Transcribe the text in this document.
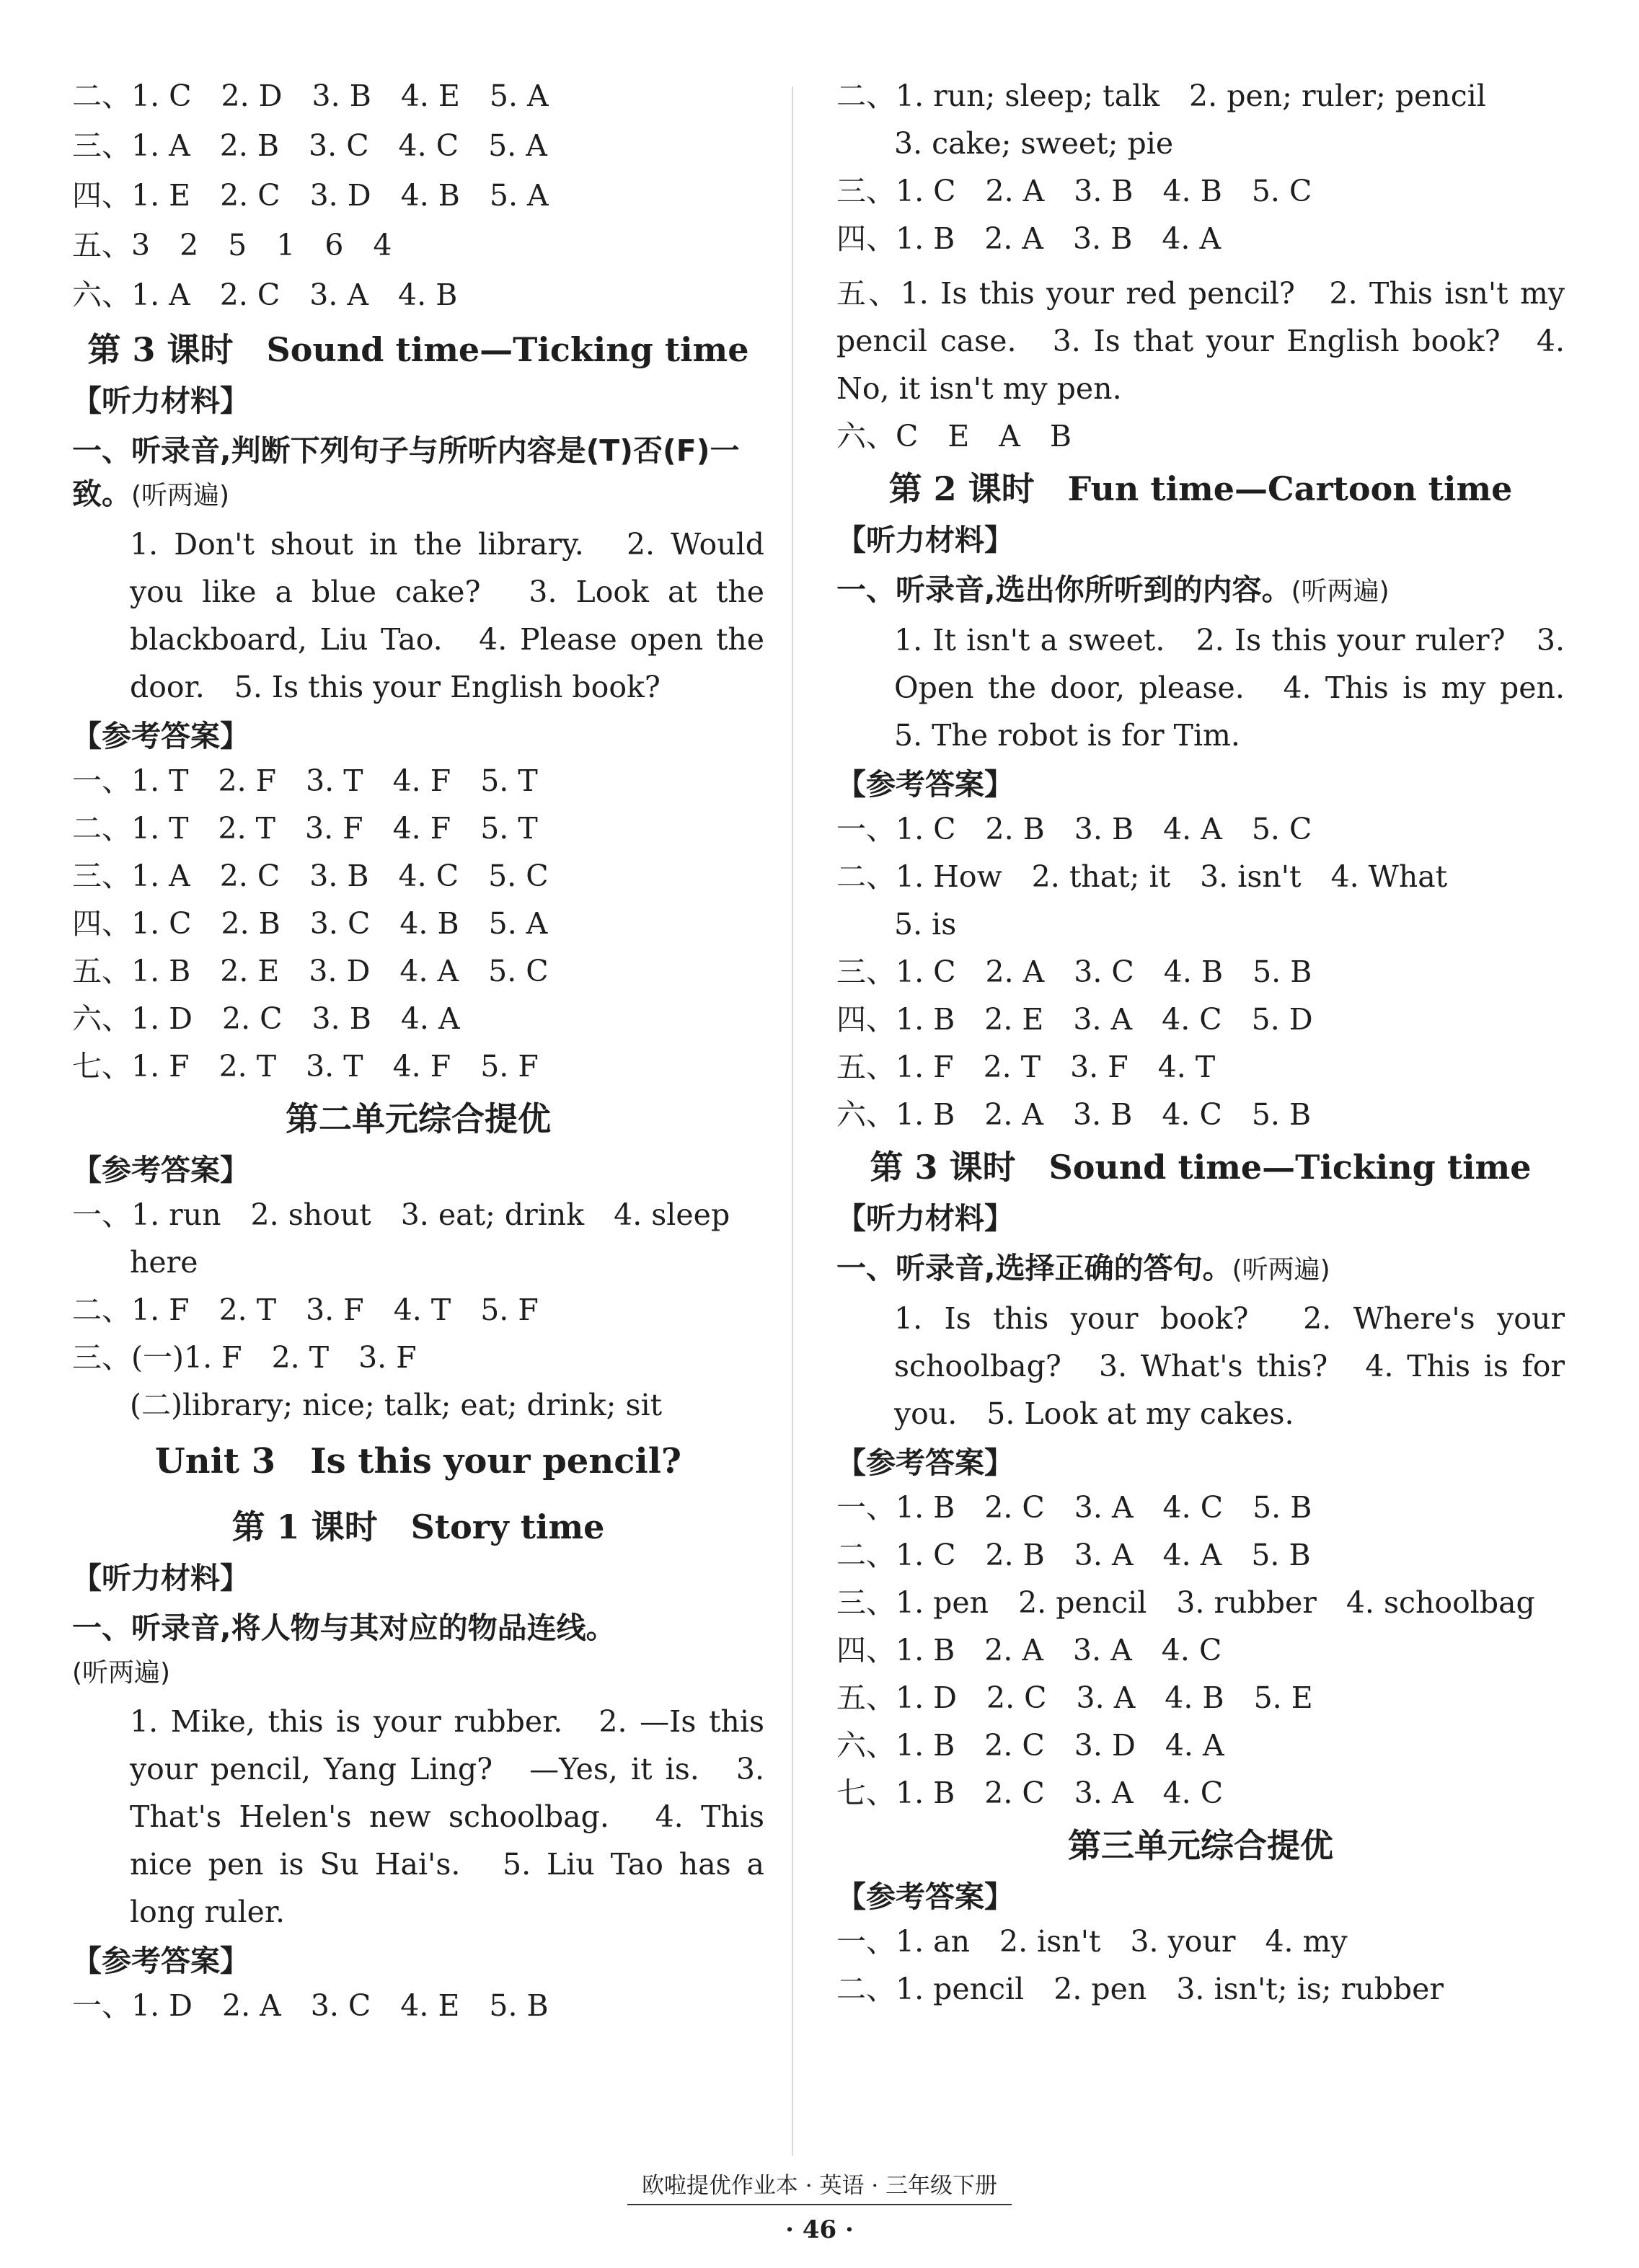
二、1. C　2. D　3. B　4. E　5. A
三、1. A　2. B　3. C　4. C　5. A
四、1. E　2. C　3. D　4. B　5. A
五、3　2　5　1　6　4
六、1. A　2. C　3. A　4. B
第 3 课时　Sound time—Ticking time
【听力材料】
一、听录音,判断下列句子与所听内容是(T)否(F)一致。(听两遍)
1. Don't shout in the library.　2. Would you like a blue cake?　3. Look at the blackboard, Liu Tao.　4. Please open the door.　5. Is this your English book?
【参考答案】
一、1. T　2. F　3. T　4. F　5. T
二、1. T　2. T　3. F　4. F　5. T
三、1. A　2. C　3. B　4. C　5. C
四、1. C　2. B　3. C　4. B　5. A
五、1. B　2. E　3. D　4. A　5. C
六、1. D　2. C　3. B　4. A
七、1. F　2. T　3. T　4. F　5. F
第二单元综合提优
【参考答案】
一、1. run　2. shout　3. eat; drink　4. sleep
here
二、1. F　2. T　3. F　4. T　5. F
三、(一)1. F　2. T　3. F
(二)library; nice; talk; eat; drink; sit
Unit 3　Is this your pencil?
第 1 课时　Story time
【听力材料】
一、听录音,将人物与其对应的物品连线。
(听两遍)
1. Mike, this is your rubber.　2. —Is this your pencil, Yang Ling?　—Yes, it is.　3. That's Helen's new schoolbag.　4. This nice pen is Su Hai's.　5. Liu Tao has a long ruler.
【参考答案】
一、1. D　2. A　3. C　4. E　5. B
二、1. run; sleep; talk　2. pen; ruler; pencil
3. cake; sweet; pie
三、1. C　2. A　3. B　4. B　5. C
四、1. B　2. A　3. B　4. A
五、1. Is this your red pencil?　2. This isn't my pencil case.　3. Is that your English book?　4. No, it isn't my pen.
六、C　E　A　B
第 2 课时　Fun time—Cartoon time
【听力材料】
一、听录音,选出你所听到的内容。(听两遍)
1. It isn't a sweet.　2. Is this your ruler?　3. Open the door, please.　4. This is my pen.　5. The robot is for Tim.
【参考答案】
一、1. C　2. B　3. B　4. A　5. C
二、1. How　2. that; it　3. isn't　4. What
5. is
三、1. C　2. A　3. C　4. B　5. B
四、1. B　2. E　3. A　4. C　5. D
五、1. F　2. T　3. F　4. T
六、1. B　2. A　3. B　4. C　5. B
第 3 课时　Sound time—Ticking time
【听力材料】
一、听录音,选择正确的答句。(听两遍)
1. Is this your book?　2. Where's your schoolbag?　3. What's this?　4. This is for you.　5. Look at my cakes.
【参考答案】
一、1. B　2. C　3. A　4. C　5. B
二、1. C　2. B　3. A　4. A　5. B
三、1. pen　2. pencil　3. rubber　4. schoolbag
四、1. B　2. A　3. A　4. C
五、1. D　2. C　3. A　4. B　5. E
六、1. B　2. C　3. D　4. A
七、1. B　2. C　3. A　4. C
第三单元综合提优
【参考答案】
一、1. an　2. isn't　3. your　4. my
二、1. pencil　2. pen　3. isn't; is; rubber
欧啦提优作业本 · 英语 · 三年级下册
· 46 ·
